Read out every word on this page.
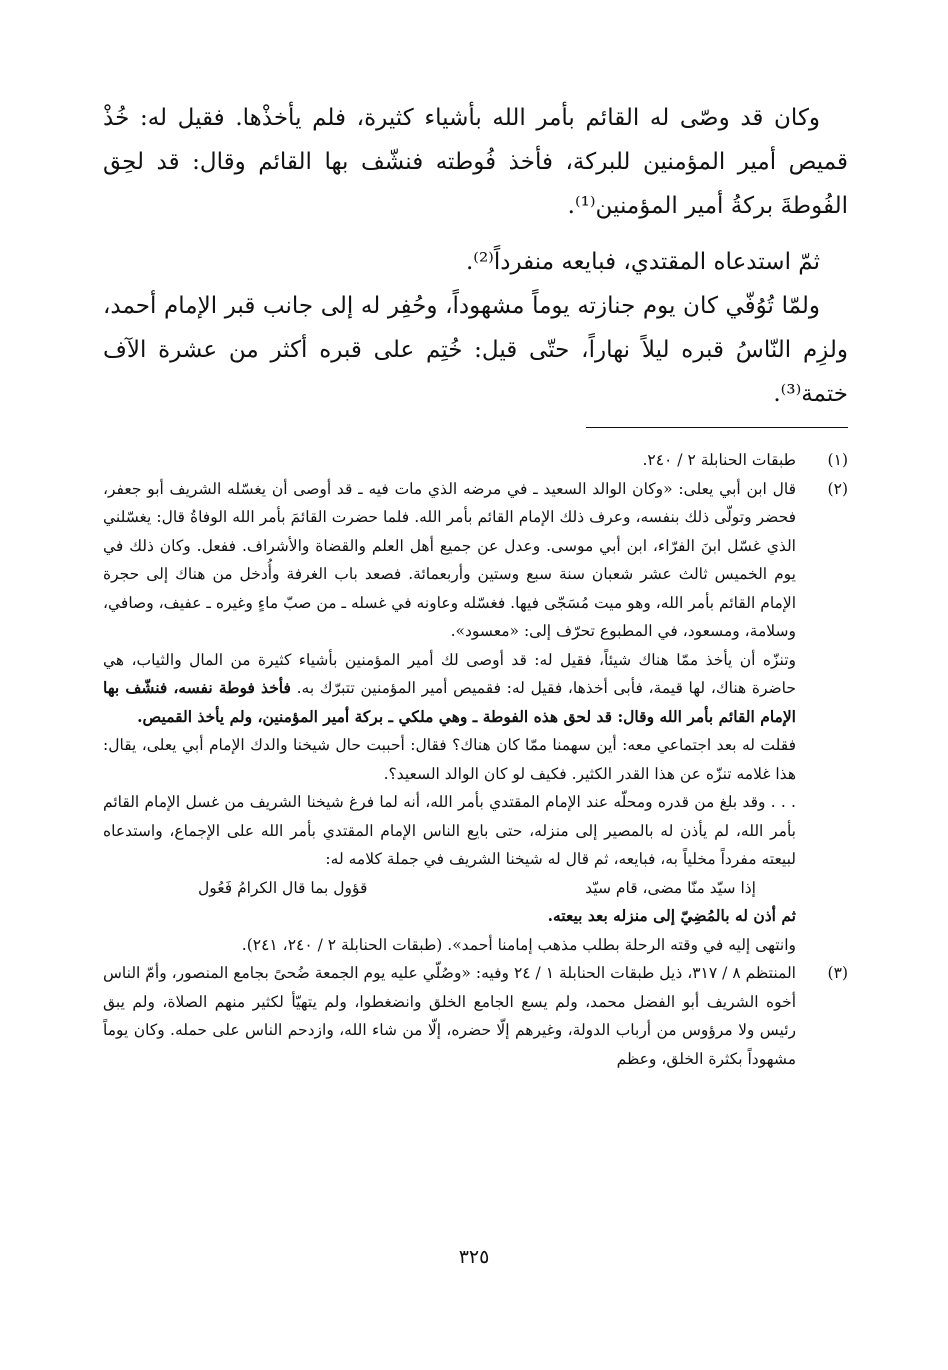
وكان قد وصّى له القائم بأمر الله بأشياء كثيرة، فلم يأخذْها. فقيل له: خُذْ قميص أمير المؤمنين للبركة، فأخذ فُوطته فنشّف بها القائم وقال: قد لحِق الفُوطةَ بركةُ أمير المؤمنين⁽¹⁾.

ثمّ استدعاه المقتدي، فبايعه منفرداً⁽²⁾.

ولمّا تُوُفّي كان يوم جنازته يوماً مشهوداً، وحُفِر له إلى جانب قبر الإمام أحمد، ولزِم النّاسُ قبره ليلاً نهاراً، حتّى قيل: خُتِم على قبره أكثر من عشرة الآف ختمة⁽³⁾.

(١)

طبقات الحنابلة ٢ / ٢٤٠.

(٢)

قال ابن أبي يعلى: «وكان الوالد السعيد ـ في مرضه الذي مات فيه ـ قد أوصى أن يغسّله الشريف أبو جعفر، فحضر وتولّى ذلك بنفسه، وعرف ذلك الإمام القائم بأمر الله. فلما حضرت القائمَ بأمر الله الوفاةُ قال: يغسّلني الذي غسّل ابنَ الفرّاء، ابن أبي موسى. وعدل عن جميع أهل العلم والقضاة والأشراف. ففعل. وكان ذلك في يوم الخميس ثالث عشر شعبان سنة سبع وستين وأربعمائة. فصعد باب الغرفة وأُدخل من هناك إلى حجرة الإمام القائم بأمر الله، وهو ميت مُسَجّى فيها. فغسّله وعاونه في غسله ـ من صبّ ماءٍ وغيره ـ عفيف، وصافي، وسلامة، ومسعود، في المطبوع تحرّف إلى: «معسود».

وتنزّه أن يأخذ ممّا هناك شيئاً، فقيل له: قد أوصى لك أمير المؤمنين بأشياء كثيرة من المال والثياب، هي حاضرة هناك، لها قيمة، فأبى أخذها، فقيل له: فقميص أمير المؤمنين تتبرّك به. فأخذ فوطة نفسه، فنشّف بها الإمام القائم بأمر الله وقال: قد لحق هذه الفوطة ـ وهي ملكي ـ بركة أمير المؤمنين، ولم يأخذ القميص.

فقلت له بعد اجتماعي معه: أين سهمنا ممّا كان هناك؟ فقال: أحببت حال شيخنا والدك الإمام أبي يعلى، يقال: هذا غلامه تنزّه عن هذا القدر الكثير. فكيف لو كان الوالد السعيد؟.

. . . وقد بلغ من قدره ومحلّه عند الإمام المقتدي بأمر الله، أنه لما فرغ شيخنا الشريف من غسل الإمام القائم بأمر الله، لم يأذن له بالمصير إلى منزله، حتى بايع الناس الإمام المقتدي بأمر الله على الإجماع، واستدعاه لبيعته مفرداً مخلياً به، فبايعه، ثم قال له شيخنا الشريف في جملة كلامه له:

إذا سيّد منّا مضى، قام سيّد
قؤول بما قال الكرامُ فَعُول

ثم أذن له بالمُضِيّ إلى منزله بعد بيعته.

وانتهى إليه في وقته الرحلة بطلب مذهب إمامنا أحمد». (طبقات الحنابلة ٢ / ٢٤٠، ٢٤١).

(٣)

المنتظم ٨ / ٣١٧، ذيل طبقات الحنابلة ١ / ٢٤ وفيه: «وصُلّي عليه يوم الجمعة ضُحىً بجامع المنصور، وأمّ الناس أخوه الشريف أبو الفضل محمد، ولم يسع الجامع الخلق وانضغطوا، ولم يتهيّأ لكثير منهم الصلاة، ولم يبق رئيس ولا مرؤوس من أرباب الدولة، وغيرهم إلّا حضره، إلّا من شاء الله، وازدحم الناس على حمله. وكان يوماً مشهوداً بكثرة الخلق، وعظم

٣٢٥
